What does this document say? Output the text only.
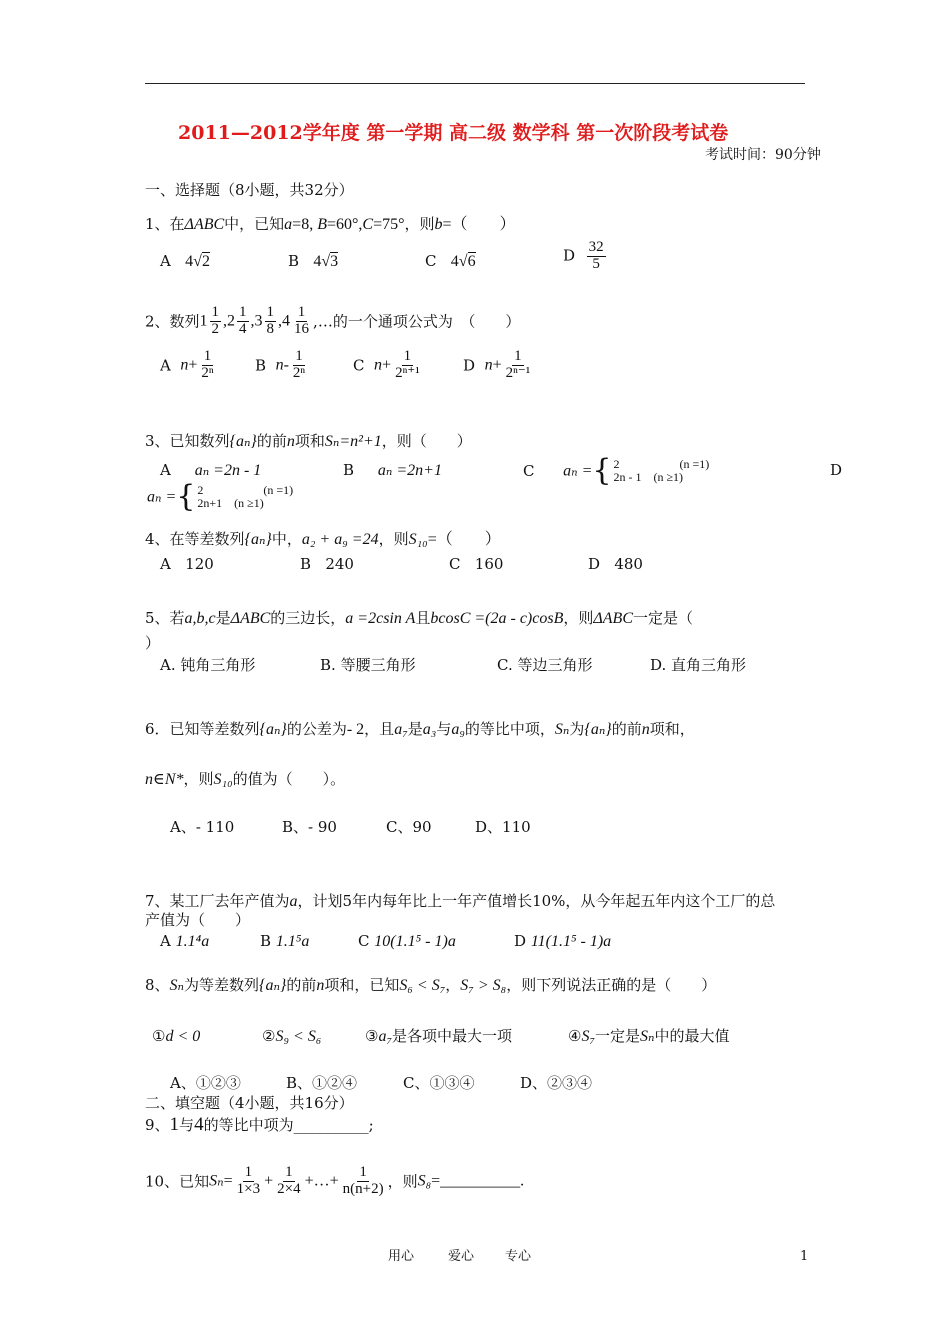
2011—2012学年度 第一学期 高二级 数学科 第一次阶段考试卷
考试时间：90分钟
一、选择题（8小题，共32分）
1、在ΔABC中，已知a=8, B=60°,C=75°，则b=（　　）
A 4√2	B 4√3	C 4√6	D $\frac{32}{5}$
2、数列$1 \frac{1}{2} ,2 \frac{1}{4} ,3 \frac{1}{8} ,4 \frac{1}{16}$ ,…的一个通项公式为　（　　）
A $n+ \frac{1}{\text{2ⁿ}}$	B $n- \frac{1}{\text{2ⁿ}}$	C $n+ \frac{1}{\text{2ⁿ⁺¹}}$	D $n+ \frac{1}{\text{2ⁿ⁻¹}}$
3、已知数列{aₙ}的前n项和Sₙ=n²+1，则（　　）
A aₙ =2n - 1	B aₙ =2n+1	C aₙ = { 2　　　　　(n =1)
2n - 1　(n ≥1)	D
aₙ = { 2　　　　　(n =1)
2n+1　(n ≥1)
4、在等差数列{aₙ}中，a₂ + a₉ =24，则S₁₀=（　　）
A 120	B 240	C 160	D 480
5、若a,b,c是ΔABC的三边长，a =2csin A且bcosC =(2a - c)cosB，则ΔABC一定是（
）
A. 钝角三角形	B. 等腰三角形	C. 等边三角形	D. 直角三角形
6．已知等差数列{aₙ}的公差为- 2，且a₇是a₃与a₉的等比中项，Sₙ为{aₙ}的前n项和，
n∈N*，则S₁₀的值为（　　）。
A、- 110	B、- 90	C、90	D、110
7、某工厂去年产值为a，计划5年内每年比上一年产值增长10%，从今年起五年内这个工厂的总
产值为（　　）
A 1.1⁴a	B 1.1⁵a	C 10(1.1⁵ - 1)a	D 11(1.1⁵ - 1)a
8、Sₙ为等差数列{aₙ}的前n项和，已知S₆ < S₇，S₇ > S₈，则下列说法正确的是（　　）
①d < 0	②S₉ < S₆	③a₇是各项中最大一项	④S₇一定是Sₙ中的最大值
A、①②③	B、①②④	C、①③④	D、②③④
二、填空题（4小题，共16分）
9、1与4的等比中项为__________;
10、已知$S_n= \frac{1}{1\times 3} + \frac{1}{2\times 4}$ +…+ $\frac{1}{n(n+2)}$ ，则S₈=__________.
用心	爱心 专心	1
